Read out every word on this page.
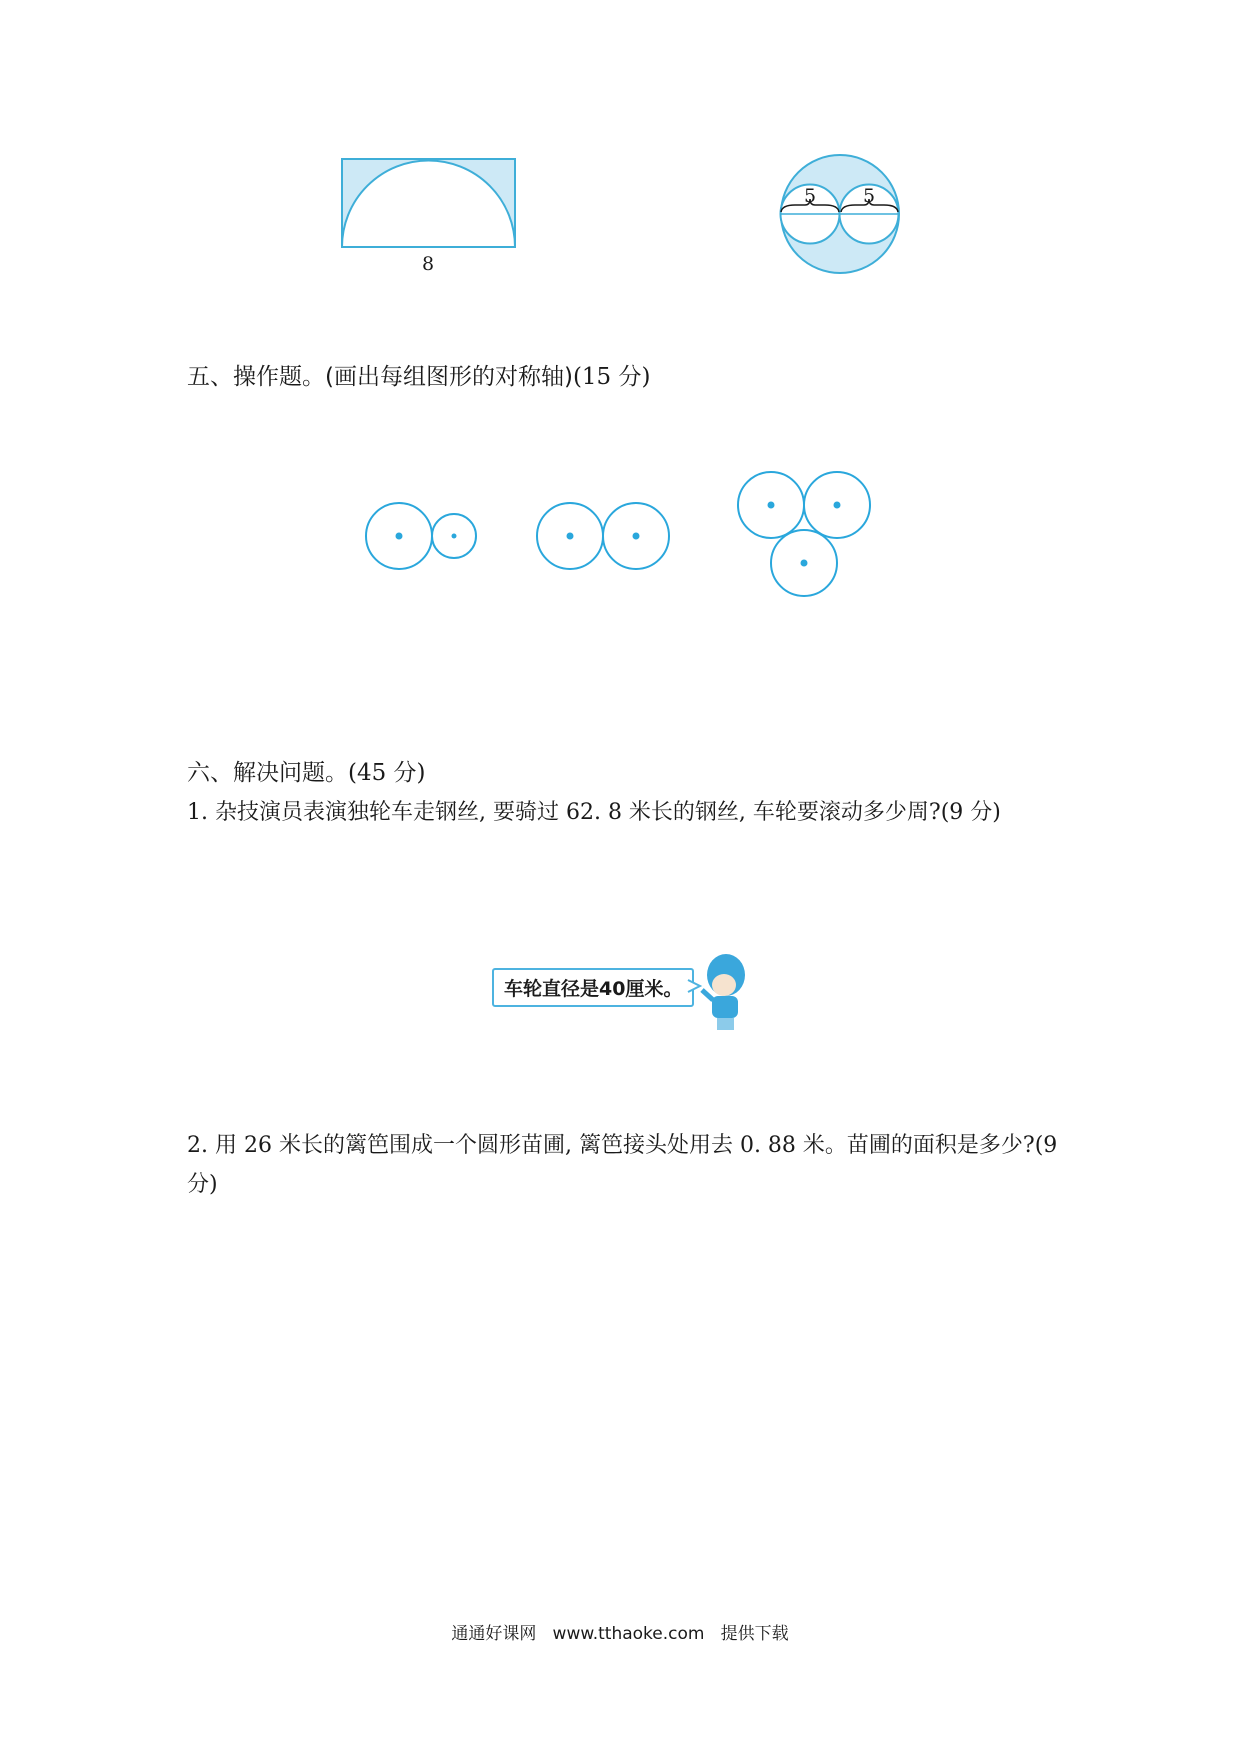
8
5 5
五、操作题。(画出每组图形的对称轴)(15 分)
六、解决问题。(45 分)
1. 杂技演员表演独轮车走钢丝, 要骑过 62. 8 米长的钢丝, 车轮要滚动多少周?(9 分)
车轮直径是40厘米。
2. 用 26 米长的篱笆围成一个圆形苗圃, 篱笆接头处用去 0. 88 米。苗圃的面积是多少?(9 分)
通通好课网   www.tthaoke.com   提供下载
